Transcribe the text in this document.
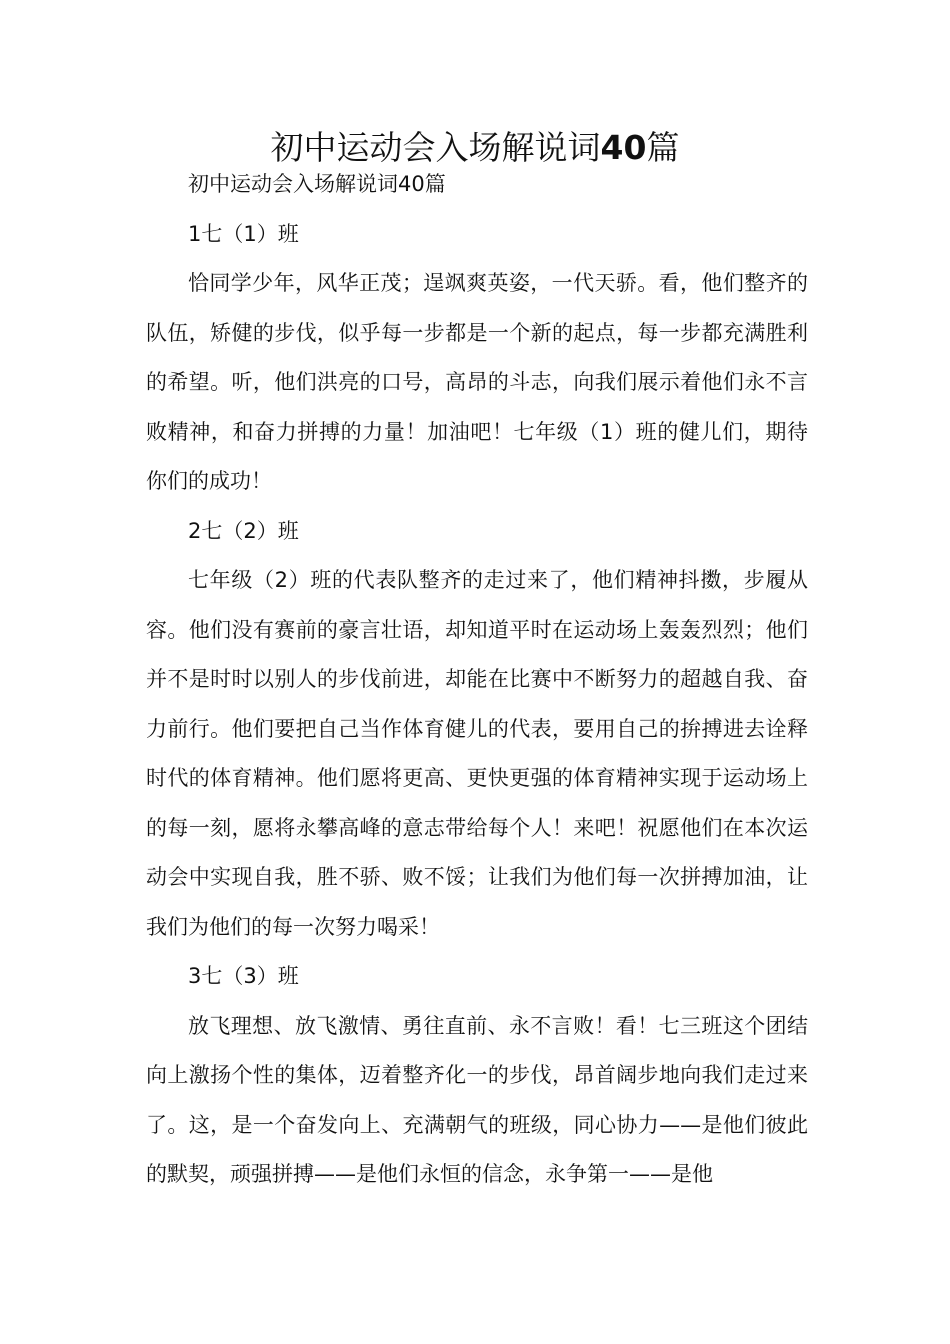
初中运动会入场解说词40篇

初中运动会入场解说词40篇

1七（1）班

恰同学少年，风华正茂；逞飒爽英姿，一代天骄。看，他们整齐的队伍，矫健的步伐，似乎每一步都是一个新的起点，每一步都充满胜利的希望。听，他们洪亮的口号，高昂的斗志，向我们展示着他们永不言败精神，和奋力拼搏的力量！加油吧！七年级（1）班的健儿们，期待你们的成功！

2七（2）班

七年级（2）班的代表队整齐的走过来了，他们精神抖擞，步履从容。他们没有赛前的豪言壮语，却知道平时在运动场上轰轰烈烈；他们并不是时时以别人的步伐前进，却能在比赛中不断努力的超越自我、奋力前行。他们要把自己当作体育健儿的代表，要用自己的拚搏进去诠释时代的体育精神。他们愿将更高、更快更强的体育精神实现于运动场上的每一刻，愿将永攀高峰的意志带给每个人！来吧！祝愿他们在本次运动会中实现自我，胜不骄、败不馁；让我们为他们每一次拼搏加油，让我们为他们的每一次努力喝采！

3七（3）班

放飞理想、放飞激情、勇往直前、永不言败！看！七三班这个团结向上激扬个性的集体，迈着整齐化一的步伐，昂首阔步地向我们走过来了。这，是一个奋发向上、充满朝气的班级，同心协力——是他们彼此的默契，顽强拼搏——是他们永恒的信念，永争第一——是他
